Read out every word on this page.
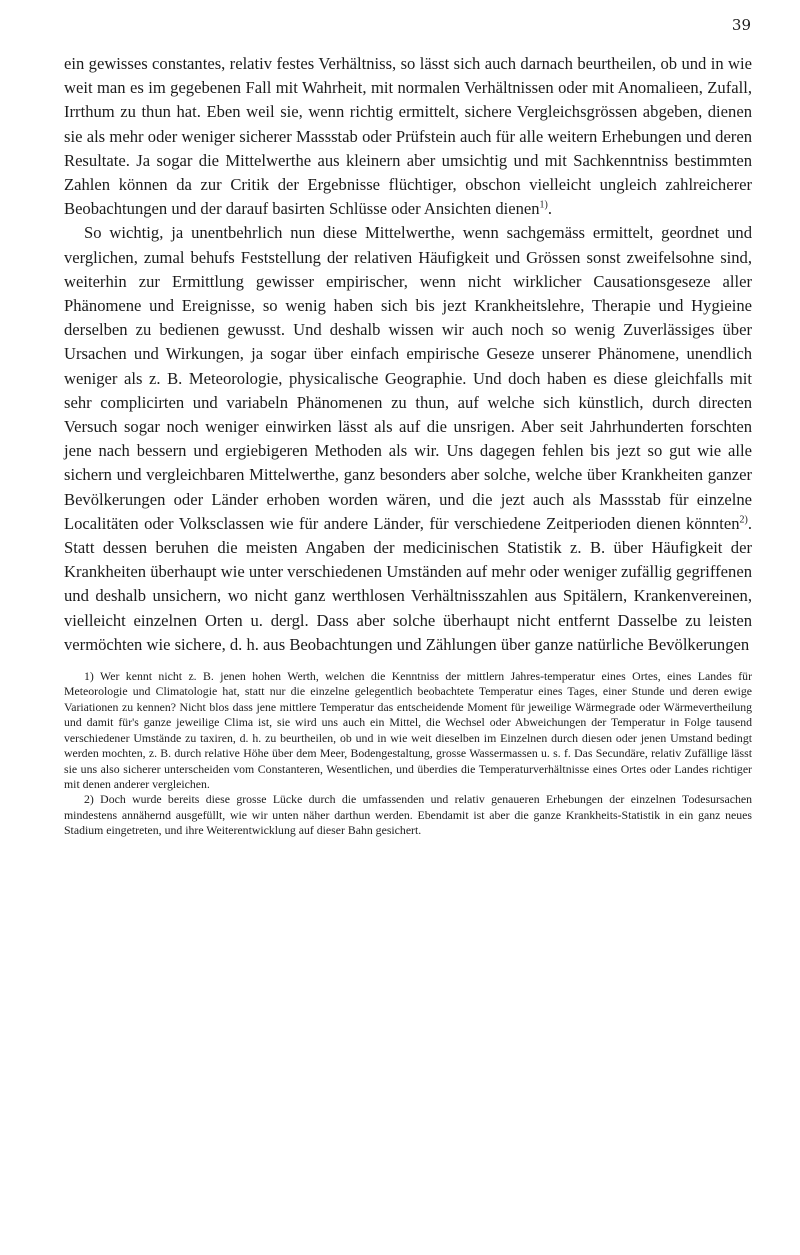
39

ein gewisses constantes, relativ festes Verhältniss, so lässt sich auch darnach beurtheilen, ob und in wie weit man es im gegebenen Fall mit Wahrheit, mit normalen Verhältnissen oder mit Anomalieen, Zufall, Irrthum zu thun hat. Eben weil sie, wenn richtig ermittelt, sichere Vergleichsgrössen abgeben, dienen sie als mehr oder weniger sicherer Massstab oder Prüfstein auch für alle weitern Erhebungen und deren Resultate. Ja sogar die Mittelwerthe aus kleinern aber umsichtig und mit Sachkenntniss bestimmten Zahlen können da zur Critik der Ergebnisse flüchtiger, obschon vielleicht ungleich zahlreicherer Beobachtungen und der darauf basirten Schlüsse oder Ansichten dienen$^{1)}$.

So wichtig, ja unentbehrlich nun diese Mittelwerthe, wenn sachgemäss ermittelt, geordnet und verglichen, zumal behufs Feststellung der relativen Häufigkeit und Grössen sonst zweifelsohne sind, weiterhin zur Ermittlung gewisser empirischer, wenn nicht wirklicher Causationsgeseze aller Phänomene und Ereignisse, so wenig haben sich bis jezt Krankheitslehre, Therapie und Hygieine derselben zu bedienen gewusst. Und deshalb wissen wir auch noch so wenig Zuverlässiges über Ursachen und Wirkungen, ja sogar über einfach empirische Geseze unserer Phänomene, unendlich weniger als z. B. Meteorologie, physicalische Geographie. Und doch haben es diese gleichfalls mit sehr complicirten und variabeln Phänomenen zu thun, auf welche sich künstlich, durch directen Versuch sogar noch weniger einwirken lässt als auf die unsrigen. Aber seit Jahrhunderten forschten jene nach bessern und ergiebigeren Methoden als wir. Uns dagegen fehlen bis jezt so gut wie alle sichern und vergleichbaren Mittelwerthe, ganz besonders aber solche, welche über Krankheiten ganzer Bevölkerungen oder Länder erhoben worden wären, und die jezt auch als Massstab für einzelne Localitäten oder Volksclassen wie für andere Länder, für verschiedene Zeitperioden dienen könnten$^{2)}$. Statt dessen beruhen die meisten Angaben der medicinischen Statistik z. B. über Häufigkeit der Krankheiten überhaupt wie unter verschiedenen Umständen auf mehr oder weniger zufällig gegriffenen und deshalb unsichern, wo nicht ganz werthlosen Verhältnisszahlen aus Spitälern, Krankenvereinen, vielleicht einzelnen Orten u. dergl. Dass aber solche überhaupt nicht entfernt Dasselbe zu leisten vermöchten wie sichere, d. h. aus Beobachtungen und Zählungen über ganze natürliche Bevölkerungen

1) Wer kennt nicht z. B. jenen hohen Werth, welchen die Kenntniss der mittlern Jahres-temperatur eines Ortes, eines Landes für Meteorologie und Climatologie hat, statt nur die einzelne gelegentlich beobachtete Temperatur eines Tages, einer Stunde und deren ewige Variationen zu kennen? Nicht blos dass jene mittlere Temperatur das entscheidende Moment für jeweilige Wärmegrade oder Wärmevertheilung und damit für's ganze jeweilige Clima ist, sie wird uns auch ein Mittel, die Wechsel oder Abweichungen der Temperatur in Folge tausend verschiedener Umstände zu taxiren, d. h. zu beurtheilen, ob und in wie weit dieselben im Einzelnen durch diesen oder jenen Umstand bedingt werden mochten, z. B. durch relative Höhe über dem Meer, Bodengestaltung, grosse Wassermassen u. s. f. Das Secundäre, relativ Zufällige lässt sie uns also sicherer unterscheiden vom Constanteren, Wesentlichen, und überdies die Temperaturverhältnisse eines Ortes oder Landes richtiger mit denen anderer vergleichen.

2) Doch wurde bereits diese grosse Lücke durch die umfassenden und relativ genaueren Erhebungen der einzelnen Todesursachen mindestens annähernd ausgefüllt, wie wir unten näher darthun werden. Ebendamit ist aber die ganze Krankheits-Statistik in ein ganz neues Stadium eingetreten, und ihre Weiterentwicklung auf dieser Bahn gesichert.
